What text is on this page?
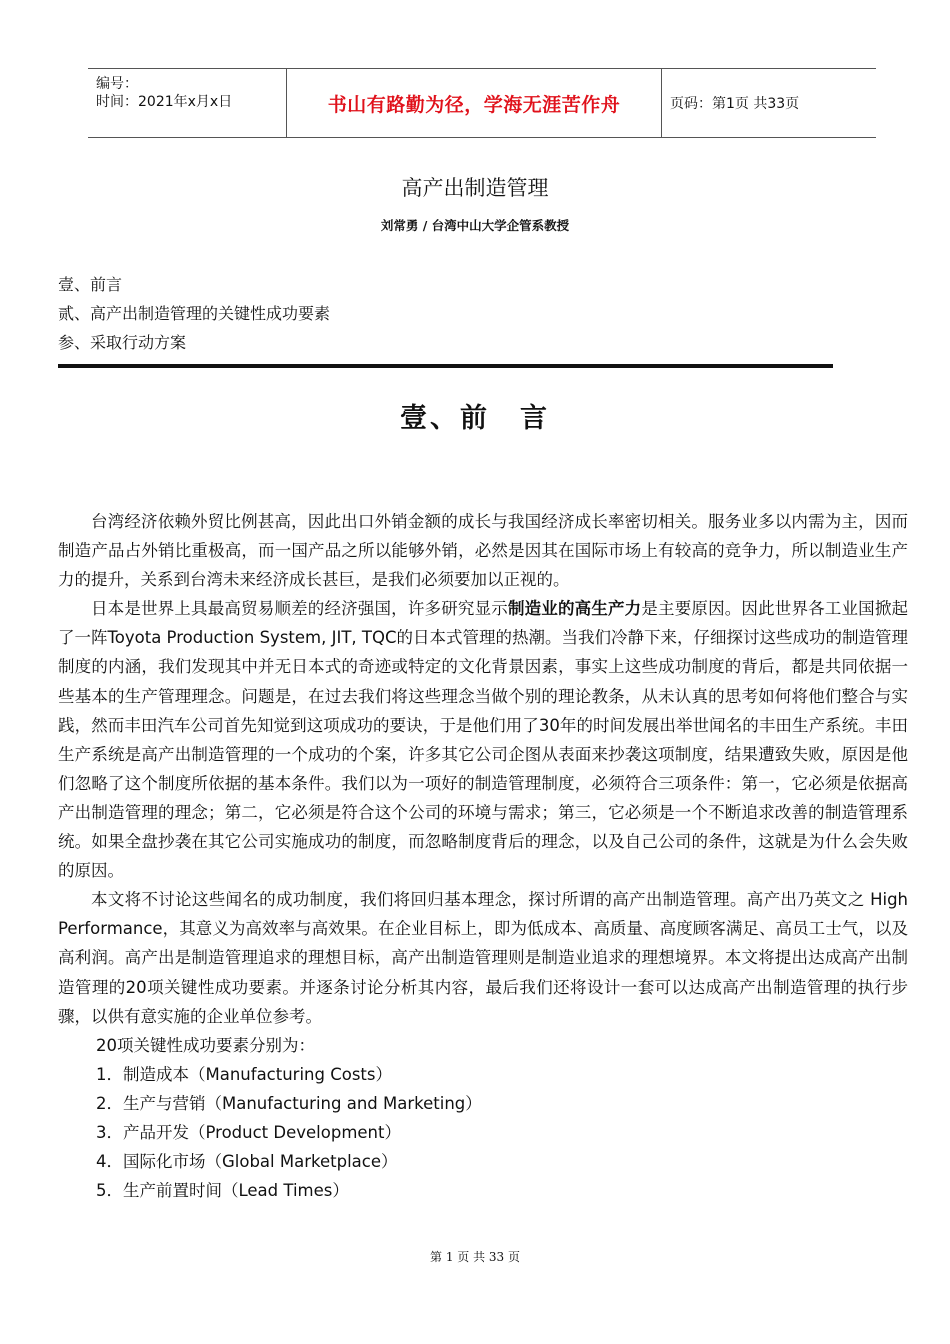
编号：
时间：2021年x月x日	书山有路勤为径，学海无涯苦作舟	页码：第1页 共33页
高产出制造管理
刘常勇 / 台湾中山大学企管系教授
壹、前言
贰、高产出制造管理的关键性成功要素
参、采取行动方案
壹、前　言

台湾经济依赖外贸比例甚高，因此出口外销金额的成长与我国经济成长率密切相关。服务业多以内需为主，因而制造产品占外销比重极高，而一国产品之所以能够外销，必然是因其在国际市场上有较高的竞争力，所以制造业生产力的提升，关系到台湾未来经济成长甚巨，是我们必须要加以正视的。

日本是世界上具最高贸易顺差的经济强国，许多研究显示制造业的高生产力是主要原因。因此世界各工业国掀起了一阵Toyota Production System, JIT, TQC的日本式管理的热潮。当我们冷静下来，仔细探讨这些成功的制造管理制度的内涵，我们发现其中并无日本式的奇迹或特定的文化背景因素，事实上这些成功制度的背后，都是共同依据一些基本的生产管理理念。问题是，在过去我们将这些理念当做个别的理论教条，从未认真的思考如何将他们整合与实践，然而丰田汽车公司首先知觉到这项成功的要诀，于是他们用了30年的时间发展出举世闻名的丰田生产系统。丰田生产系统是高产出制造管理的一个成功的个案，许多其它公司企图从表面来抄袭这项制度，结果遭致失败，原因是他们忽略了这个制度所依据的基本条件。我们以为一项好的制造管理制度，必须符合三项条件：第一，它必须是依据高产出制造管理的理念；第二，它必须是符合这个公司的环境与需求；第三，它必须是一个不断追求改善的制造管理系统。如果全盘抄袭在其它公司实施成功的制度，而忽略制度背后的理念，以及自己公司的条件，这就是为什么会失败的原因。

本文将不讨论这些闻名的成功制度，我们将回归基本理念，探讨所谓的高产出制造管理。高产出乃英文之 High Performance，其意义为高效率与高效果。在企业目标上，即为低成本、高质量、高度顾客满足、高员工士气，以及高利润。高产出是制造管理追求的理想目标，高产出制造管理则是制造业追求的理想境界。本文将提出达成高产出制造管理的20项关键性成功要素。并逐条讨论分析其内容，最后我们还将设计一套可以达成高产出制造管理的执行步骤，以供有意实施的企业单位参考。

20项关键性成功要素分别为：

1．制造成本（Manufacturing Costs）
2．生产与营销（Manufacturing and Marketing）
3．产品开发（Product Development）
4．国际化市场（Global Marketplace）
5．生产前置时间（Lead Times）
第 1 页 共 33 页
